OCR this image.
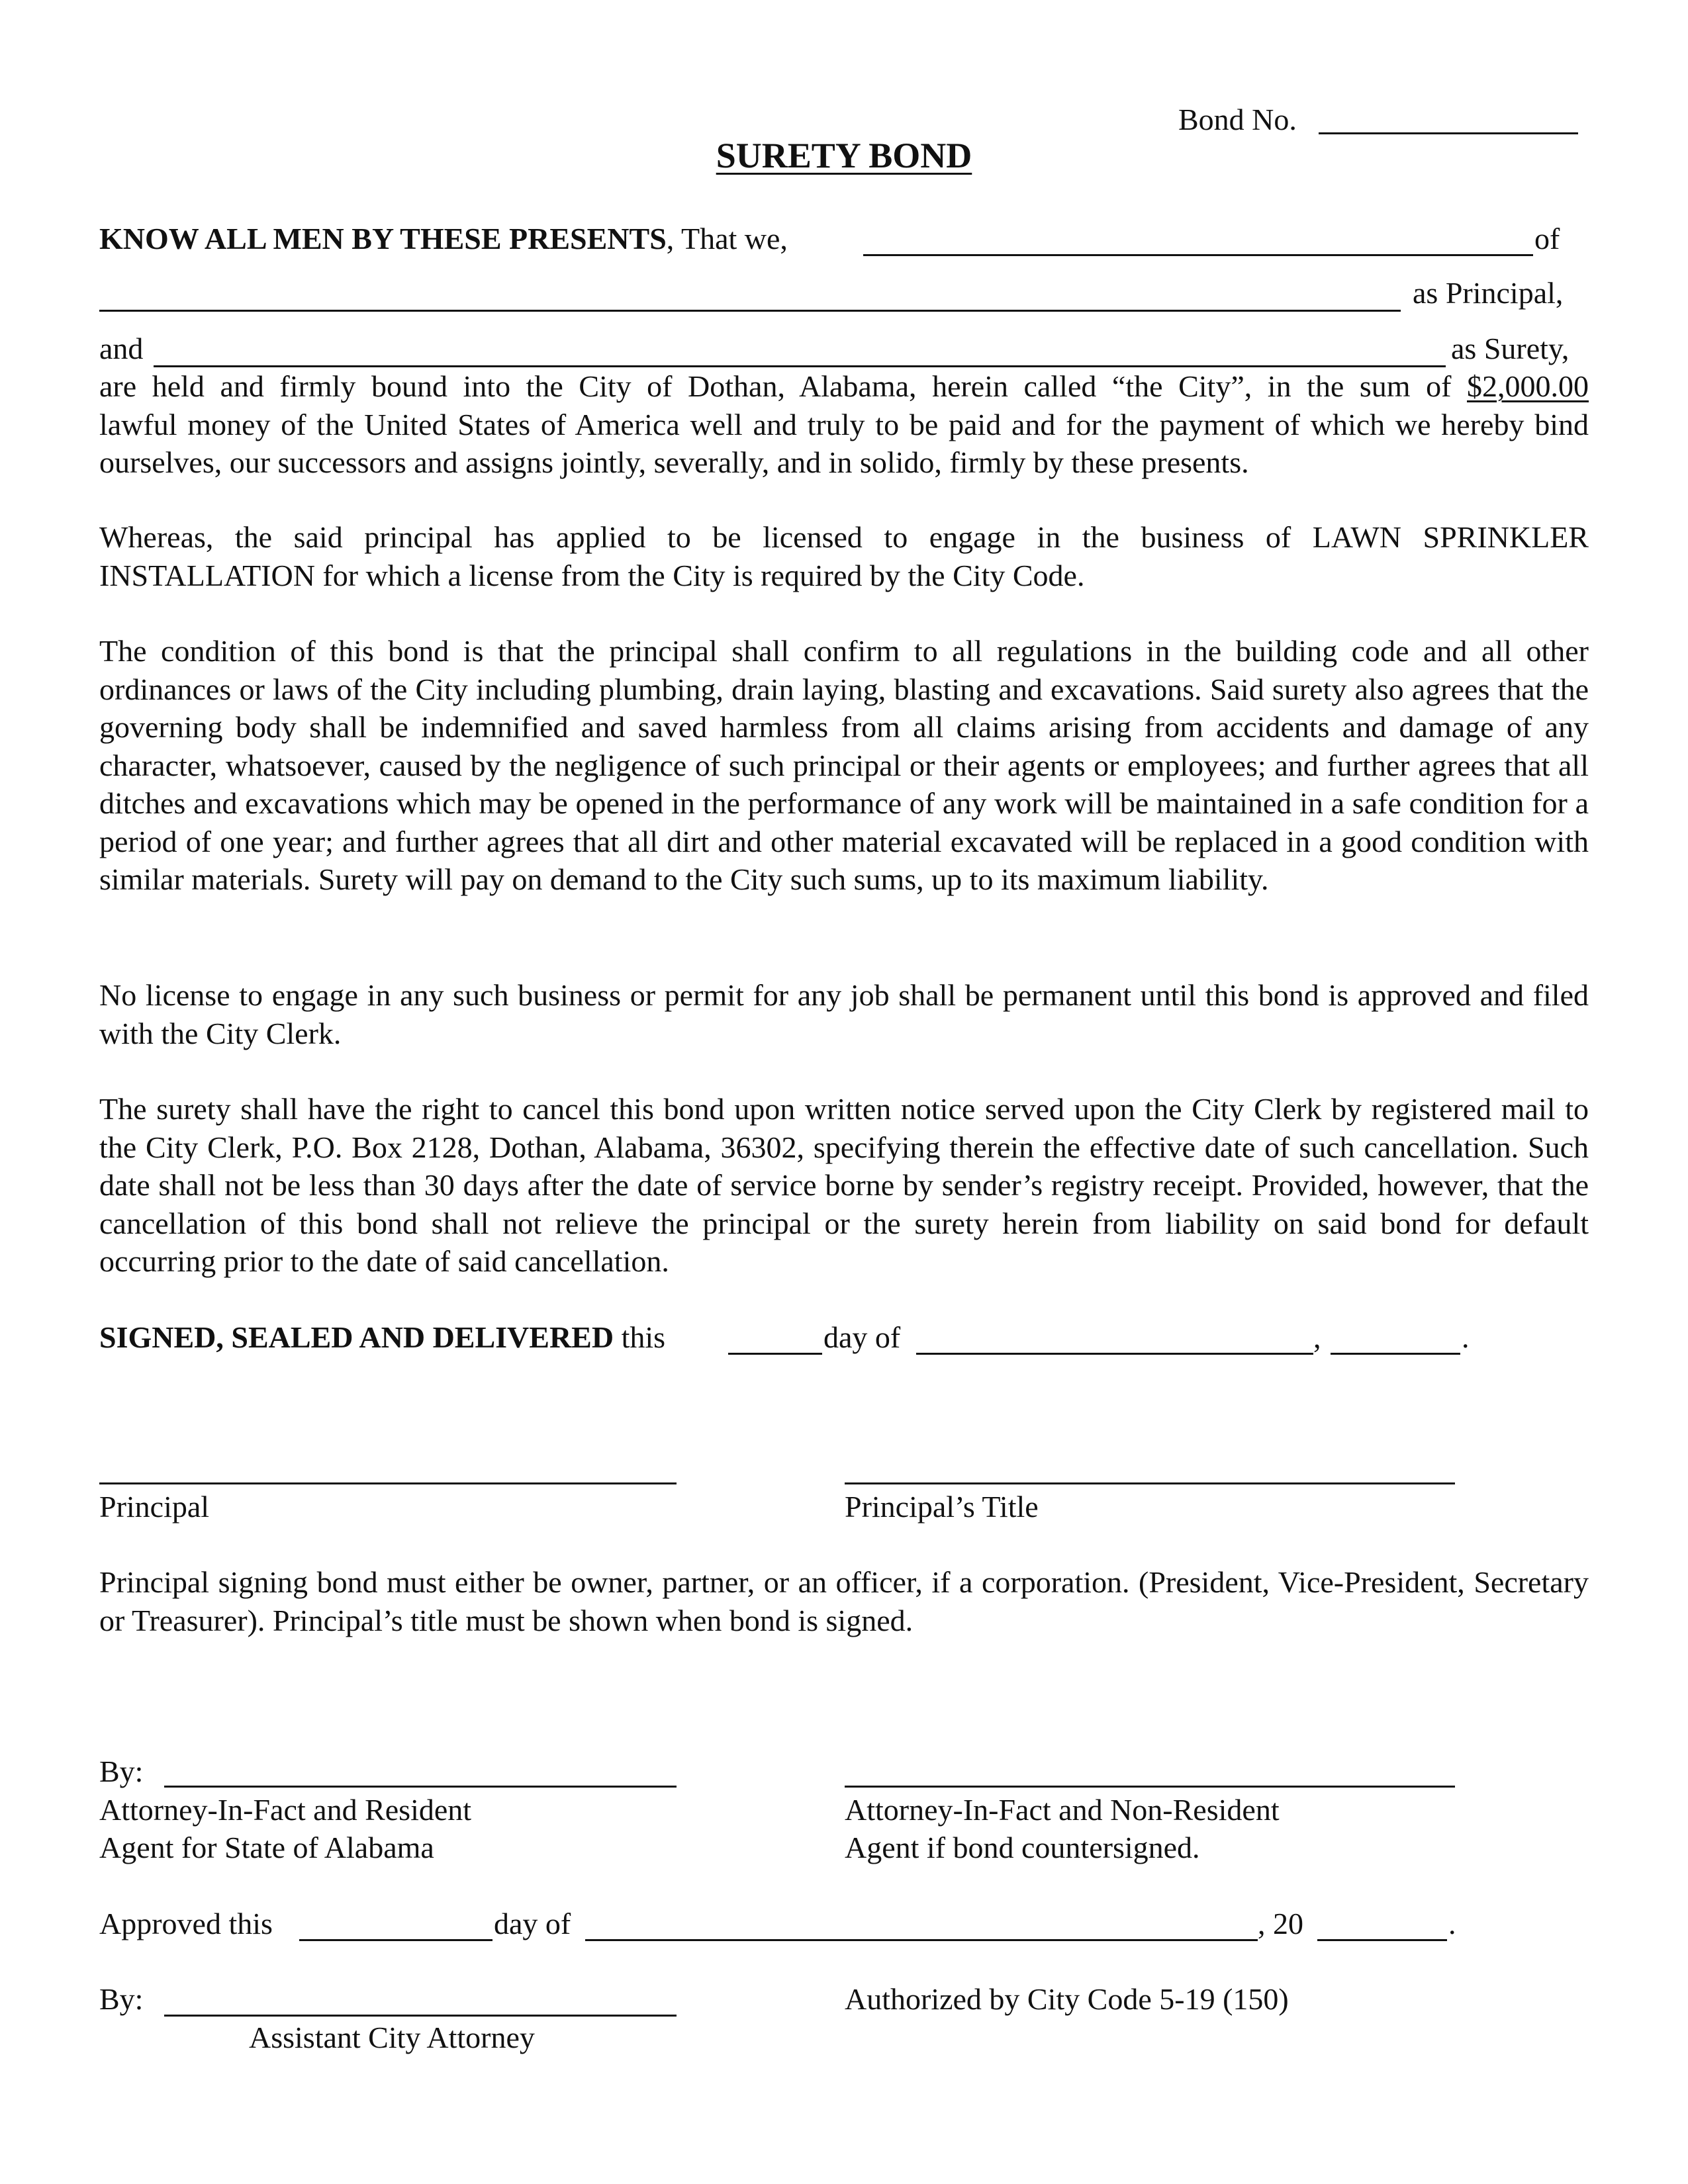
Bond No.
SURETY BOND
KNOW ALL MEN BY THESE PRESENTS, That we,	of
as Principal,
and	as Surety,
are held and firmly bound into the City of Dothan, Alabama, herein called “the City”, in the sum of $2,000.00
lawful money of the United States of America well and truly to be paid and for the payment of which we hereby bind ourselves, our successors and assigns jointly, severally, and in solido, firmly by these presents.
Whereas, the said principal has applied to be licensed to engage in the business of LAWN SPRINKLER INSTALLATION for which a license from the City is required by the City Code.
The condition of this bond is that the principal shall confirm to all regulations in the building code and all other ordinances or laws of the City including plumbing, drain laying, blasting and excavations. Said surety also agrees that the governing body shall be indemnified and saved harmless from all claims arising from accidents and damage of any character, whatsoever, caused by the negligence of such principal or their agents or employees; and further agrees that all ditches and excavations which may be opened in the performance of any work will be maintained in a safe condition for a period of one year; and further agrees that all dirt and other material excavated will be replaced in a good condition with similar materials. Surety will pay on demand to the City such sums, up to its maximum liability.
No license to engage in any such business or permit for any job shall be permanent until this bond is approved and filed with the City Clerk.
The surety shall have the right to cancel this bond upon written notice served upon the City Clerk by registered mail to the City Clerk, P.O. Box 2128, Dothan, Alabama, 36302, specifying therein the effective date of such cancellation. Such date shall not be less than 30 days after the date of service borne by sender’s registry receipt. Provided, however, that the cancellation of this bond shall not relieve the principal or the surety herein from liability on said bond for default occurring prior to the date of said cancellation.
SIGNED, SEALED AND DELIVERED this	day of	,	.
Principal	Principal’s Title
Principal signing bond must either be owner, partner, or an officer, if a corporation. (President, Vice-President, Secretary or Treasurer). Principal’s title must be shown when bond is signed.
By:
Attorney-In-Fact and Resident
Agent for State of Alabama
Attorney-In-Fact and Non-Resident
Agent if bond countersigned.
Approved this	day of	, 20	.
By:
Assistant City Attorney
Authorized by City Code 5-19 (150)
